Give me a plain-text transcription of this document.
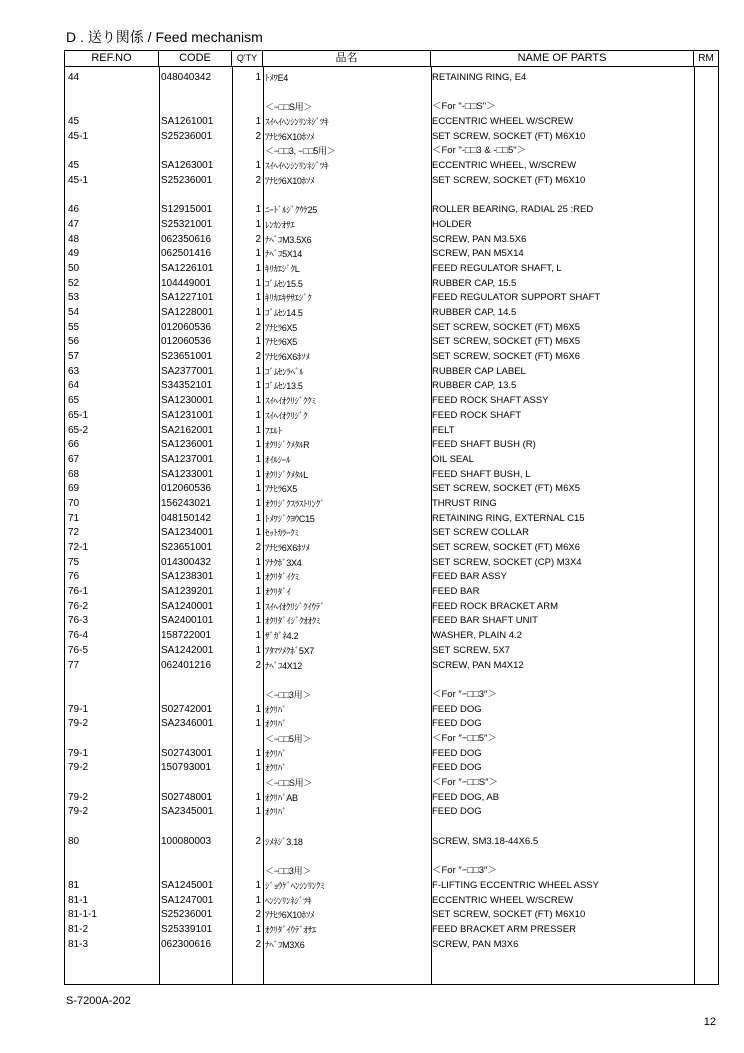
D . 送り関係 / Feed mechanism
REF.NO	CODE	Q'TY	品名	NAME OF PARTS	RM
44	048040342	1 ﾄﾒﾜE4	RETAINING RING, E4
＜−□□S用＞	＜For "-□□S"＞
45	SA1261001	1 ｽｲﾍｲﾍﾝｼﾝﾘﾝﾈｼﾞﾂｷ	ECCENTRIC WHEEL W/SCREW
45-1	S25236001	2 ｱﾅﾋﾗ6X10ﾎｿﾒ	SET SCREW, SOCKET (FT) M6X10
＜−□□3, −□□5用＞	＜For "-□□3 & -□□5"＞
45	SA1263001	1 ｽｲﾍｲﾍﾝｼﾝﾘﾝﾈｼﾞﾂｷ	ECCENTRIC WHEEL, W/SCREW
45-1	S25236001	2 ｱﾅﾋﾗ6X10ﾎｿﾒ	SET SCREW, SOCKET (FT) M6X10
46	S12915001	1 ﾆｰﾄﾞﾙｼﾞｸｳｹ25	ROLLER BEARING, RADIAL 25 :RED
47	S25321001	1 ﾚﾝｶﾝｵｻｴ	HOLDER
48	062350616	2 ﾅﾍﾞｺM3.5X6	SCREW, PAN M3.5X6
49	062501416	1 ﾅﾍﾞｺ5X14	SCREW, PAN M5X14
50	SA1226101	1 ｷﾘｶｴｼﾞｸL	FEED REGULATOR SHAFT, L
52	104449001	1 ｺﾞﾑｾﾝ15.5	RUBBER CAP, 15.5
53	SA1227101	1 ｷﾘｶｴｷｻｻｴｼﾞｸ	FEED REGULATOR SUPPORT SHAFT
54	SA1228001	1 ｺﾞﾑｾﾝ14.5	RUBBER CAP, 14.5
55	012060536	2 ｱﾅﾋﾗ6X5	SET SCREW, SOCKET (FT) M6X5
56	012060536	1 ｱﾅﾋﾗ6X5	SET SCREW, SOCKET (FT) M6X5
57	S23651001	2 ｱﾅﾋﾗ6X6ﾎｿﾒ	SET SCREW, SOCKET (FT) M6X6
63	SA2377001	1 ｺﾞﾑｾﾝﾗﾍﾞﾙ	RUBBER CAP LABEL
64	S34352101	1 ｺﾞﾑｾﾝ13.5	RUBBER CAP, 13.5
65	SA1230001	1 ｽｲﾍｲｵｸﾘｼﾞｸｸﾐ	FEED ROCK SHAFT ASSY
65-1	SA1231001	1 ｽｲﾍｲｵｸﾘｼﾞｸ	FEED ROCK SHAFT
65-2	SA2162001	1 ﾌｴﾙﾄ	FELT
66	SA1236001	1 ｵｸﾘｼﾞｸﾒﾀﾙR	FEED SHAFT BUSH (R)
67	SA1237001	1 ｵｲﾙｼｰﾙ	OIL SEAL
68	SA1233001	1 ｵｸﾘｼﾞｸﾒﾀﾙL	FEED SHAFT BUSH, L
69	012060536	1 ｱﾅﾋﾗ6X5	SET SCREW, SOCKET (FT) M6X5
70	156243021	1 ｵｸﾘｼﾞｸｽﾗｽﾄﾘﾝｸﾞ	THRUST RING
71	048150142	1 ﾄﾒﾜｼﾞｸﾖｳC15	RETAINING RING, EXTERNAL C15
72	SA1234001	1 ｾｯﾄｶﾗｰｸﾐ	SET SCREW COLLAR
72-1	S23651001	2 ｱﾅﾋﾗ6X6ﾎｿﾒ	SET SCREW, SOCKET (FT) M6X6
75	014300432	1 ｱﾅｸﾎﾞ3X4	SET SCREW, SOCKET (CP) M3X4
76	SA1238301	1 ｵｸﾘﾀﾞｲｸﾐ	FEED BAR ASSY
76-1	SA1239201	1 ｵｸﾘﾀﾞｲ	FEED BAR
76-2	SA1240001	1 ｽｲﾍｲｵｸﾘｼﾞｸｲｳﾃﾞ	FEED ROCK BRACKET ARM
76-3	SA2400101	1 ｵｸﾘﾀﾞｲｼﾞｸｵｵｸﾐ	FEED BAR SHAFT UNIT
76-4	158722001	1 ｻﾞｶﾞﾈ4.2	WASHER, PLAIN 4.2
76-5	SA1242001	1 ｱﾀﾏﾂﾒｸﾎﾞ5X7	SET SCREW, 5X7
77	062401216	2 ﾅﾍﾞｺ4X12	SCREW, PAN M4X12
＜−□□3用＞	＜For ″−□□3″＞
79-1	S02742001	1 ｵｸﾘﾊﾞ	FEED DOG
79-2	SA2346001	1 ｵｸﾘﾊﾞ	FEED DOG
＜−□□5用＞	＜For ″−□□5″＞
79-1	S02743001	1 ｵｸﾘﾊﾞ	FEED DOG
79-2	150793001	1 ｵｸﾘﾊﾞ	FEED DOG
＜−□□S用＞	＜For ″−□□S″＞
79-2	S02748001	1 ｵｸﾘﾊﾞAB	FEED DOG, AB
79-2	SA2345001	1 ｵｸﾘﾊﾞ	FEED DOG
80	100080003	2 ｼﾒﾈｼﾞ3.18	SCREW, SM3.18-44X6.5
＜−□□3用＞	＜For ″−□□3″＞
81	SA1245001	1 ｼﾞｮｳｹﾞﾍﾝｼﾝﾘﾝｸﾐ	F-LIFTING ECCENTRIC WHEEL ASSY
81-1	SA1247001	1 ﾍﾝｼﾝﾘﾝﾈｼﾞﾂｷ	ECCENTRIC WHEEL W/SCREW
81-1-1	S25236001	2 ｱﾅﾋﾗ6X10ﾎｿﾒ	SET SCREW, SOCKET (FT) M6X10
81-2	S25339101	1 ｵｸﾘﾀﾞｲｳﾃﾞｵｻｴ	FEED BRACKET ARM PRESSER
81-3	062300616	2 ﾅﾍﾞｺM3X6	SCREW, PAN M3X6
S-7200A-202
12
